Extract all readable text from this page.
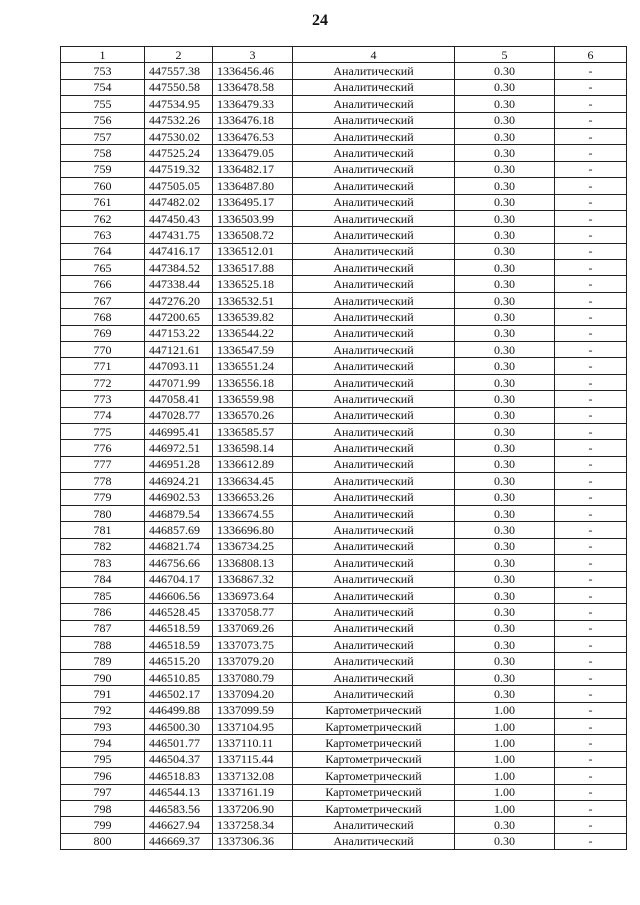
24
1	2	3	4	5	6
753	447557.38	1336456.46	Аналитический	0.30	-
754	447550.58	1336478.58	Аналитический	0.30	-
755	447534.95	1336479.33	Аналитический	0.30	-
756	447532.26	1336476.18	Аналитический	0.30	-
757	447530.02	1336476.53	Аналитический	0.30	-
758	447525.24	1336479.05	Аналитический	0.30	-
759	447519.32	1336482.17	Аналитический	0.30	-
760	447505.05	1336487.80	Аналитический	0.30	-
761	447482.02	1336495.17	Аналитический	0.30	-
762	447450.43	1336503.99	Аналитический	0.30	-
763	447431.75	1336508.72	Аналитический	0.30	-
764	447416.17	1336512.01	Аналитический	0.30	-
765	447384.52	1336517.88	Аналитический	0.30	-
766	447338.44	1336525.18	Аналитический	0.30	-
767	447276.20	1336532.51	Аналитический	0.30	-
768	447200.65	1336539.82	Аналитический	0.30	-
769	447153.22	1336544.22	Аналитический	0.30	-
770	447121.61	1336547.59	Аналитический	0.30	-
771	447093.11	1336551.24	Аналитический	0.30	-
772	447071.99	1336556.18	Аналитический	0.30	-
773	447058.41	1336559.98	Аналитический	0.30	-
774	447028.77	1336570.26	Аналитический	0.30	-
775	446995.41	1336585.57	Аналитический	0.30	-
776	446972.51	1336598.14	Аналитический	0.30	-
777	446951.28	1336612.89	Аналитический	0.30	-
778	446924.21	1336634.45	Аналитический	0.30	-
779	446902.53	1336653.26	Аналитический	0.30	-
780	446879.54	1336674.55	Аналитический	0.30	-
781	446857.69	1336696.80	Аналитический	0.30	-
782	446821.74	1336734.25	Аналитический	0.30	-
783	446756.66	1336808.13	Аналитический	0.30	-
784	446704.17	1336867.32	Аналитический	0.30	-
785	446606.56	1336973.64	Аналитический	0.30	-
786	446528.45	1337058.77	Аналитический	0.30	-
787	446518.59	1337069.26	Аналитический	0.30	-
788	446518.59	1337073.75	Аналитический	0.30	-
789	446515.20	1337079.20	Аналитический	0.30	-
790	446510.85	1337080.79	Аналитический	0.30	-
791	446502.17	1337094.20	Аналитический	0.30	-
792	446499.88	1337099.59	Картометрический	1.00	-
793	446500.30	1337104.95	Картометрический	1.00	-
794	446501.77	1337110.11	Картометрический	1.00	-
795	446504.37	1337115.44	Картометрический	1.00	-
796	446518.83	1337132.08	Картометрический	1.00	-
797	446544.13	1337161.19	Картометрический	1.00	-
798	446583.56	1337206.90	Картометрический	1.00	-
799	446627.94	1337258.34	Аналитический	0.30	-
800	446669.37	1337306.36	Аналитический	0.30	-
